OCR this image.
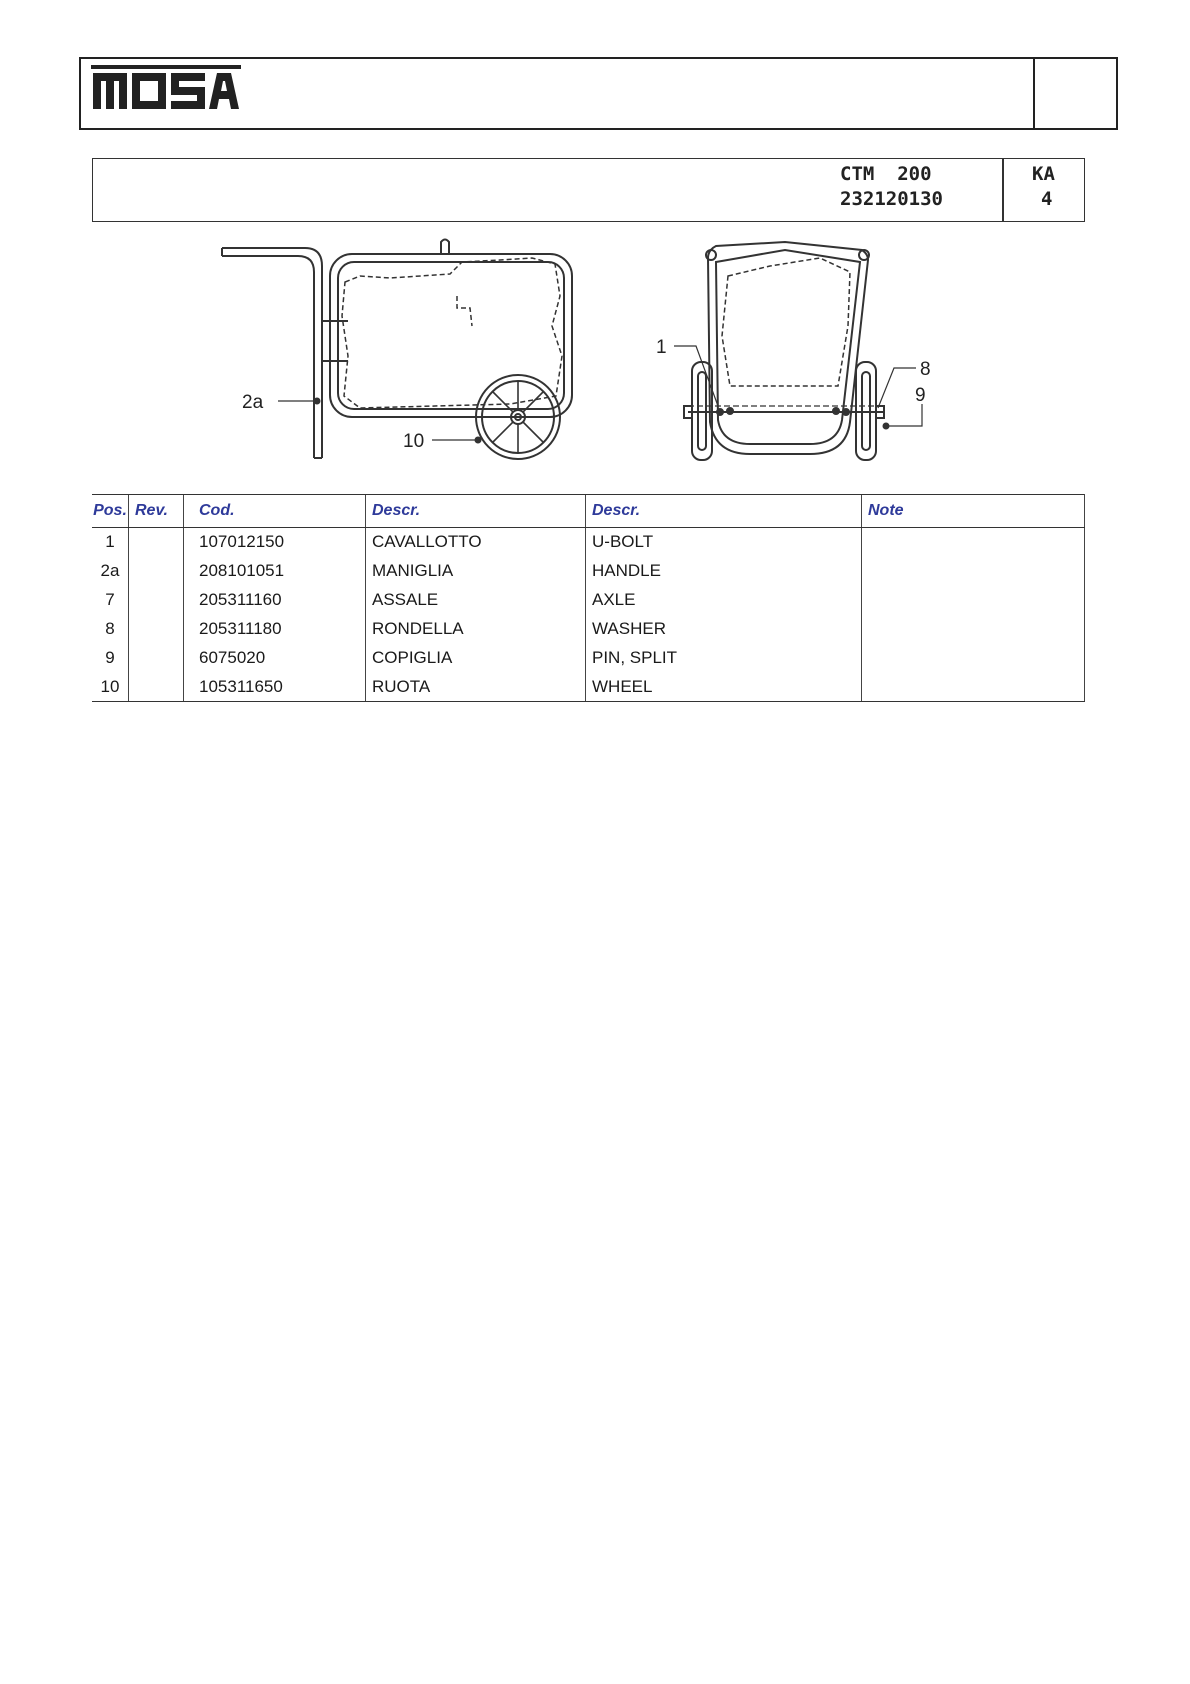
MOSA
CTM  200
232120130
KA
4
2a
10
1
8
9
Pos.	Rev.	Cod.	Descr.	Descr.	Note
1		107012150	CAVALLOTTO	U-BOLT	
2a		208101051	MANIGLIA	HANDLE	
7		205311160	ASSALE	AXLE	
8		205311180	RONDELLA	WASHER	
9		6075020	COPIGLIA	PIN, SPLIT	
10		105311650	RUOTA	WHEEL	
